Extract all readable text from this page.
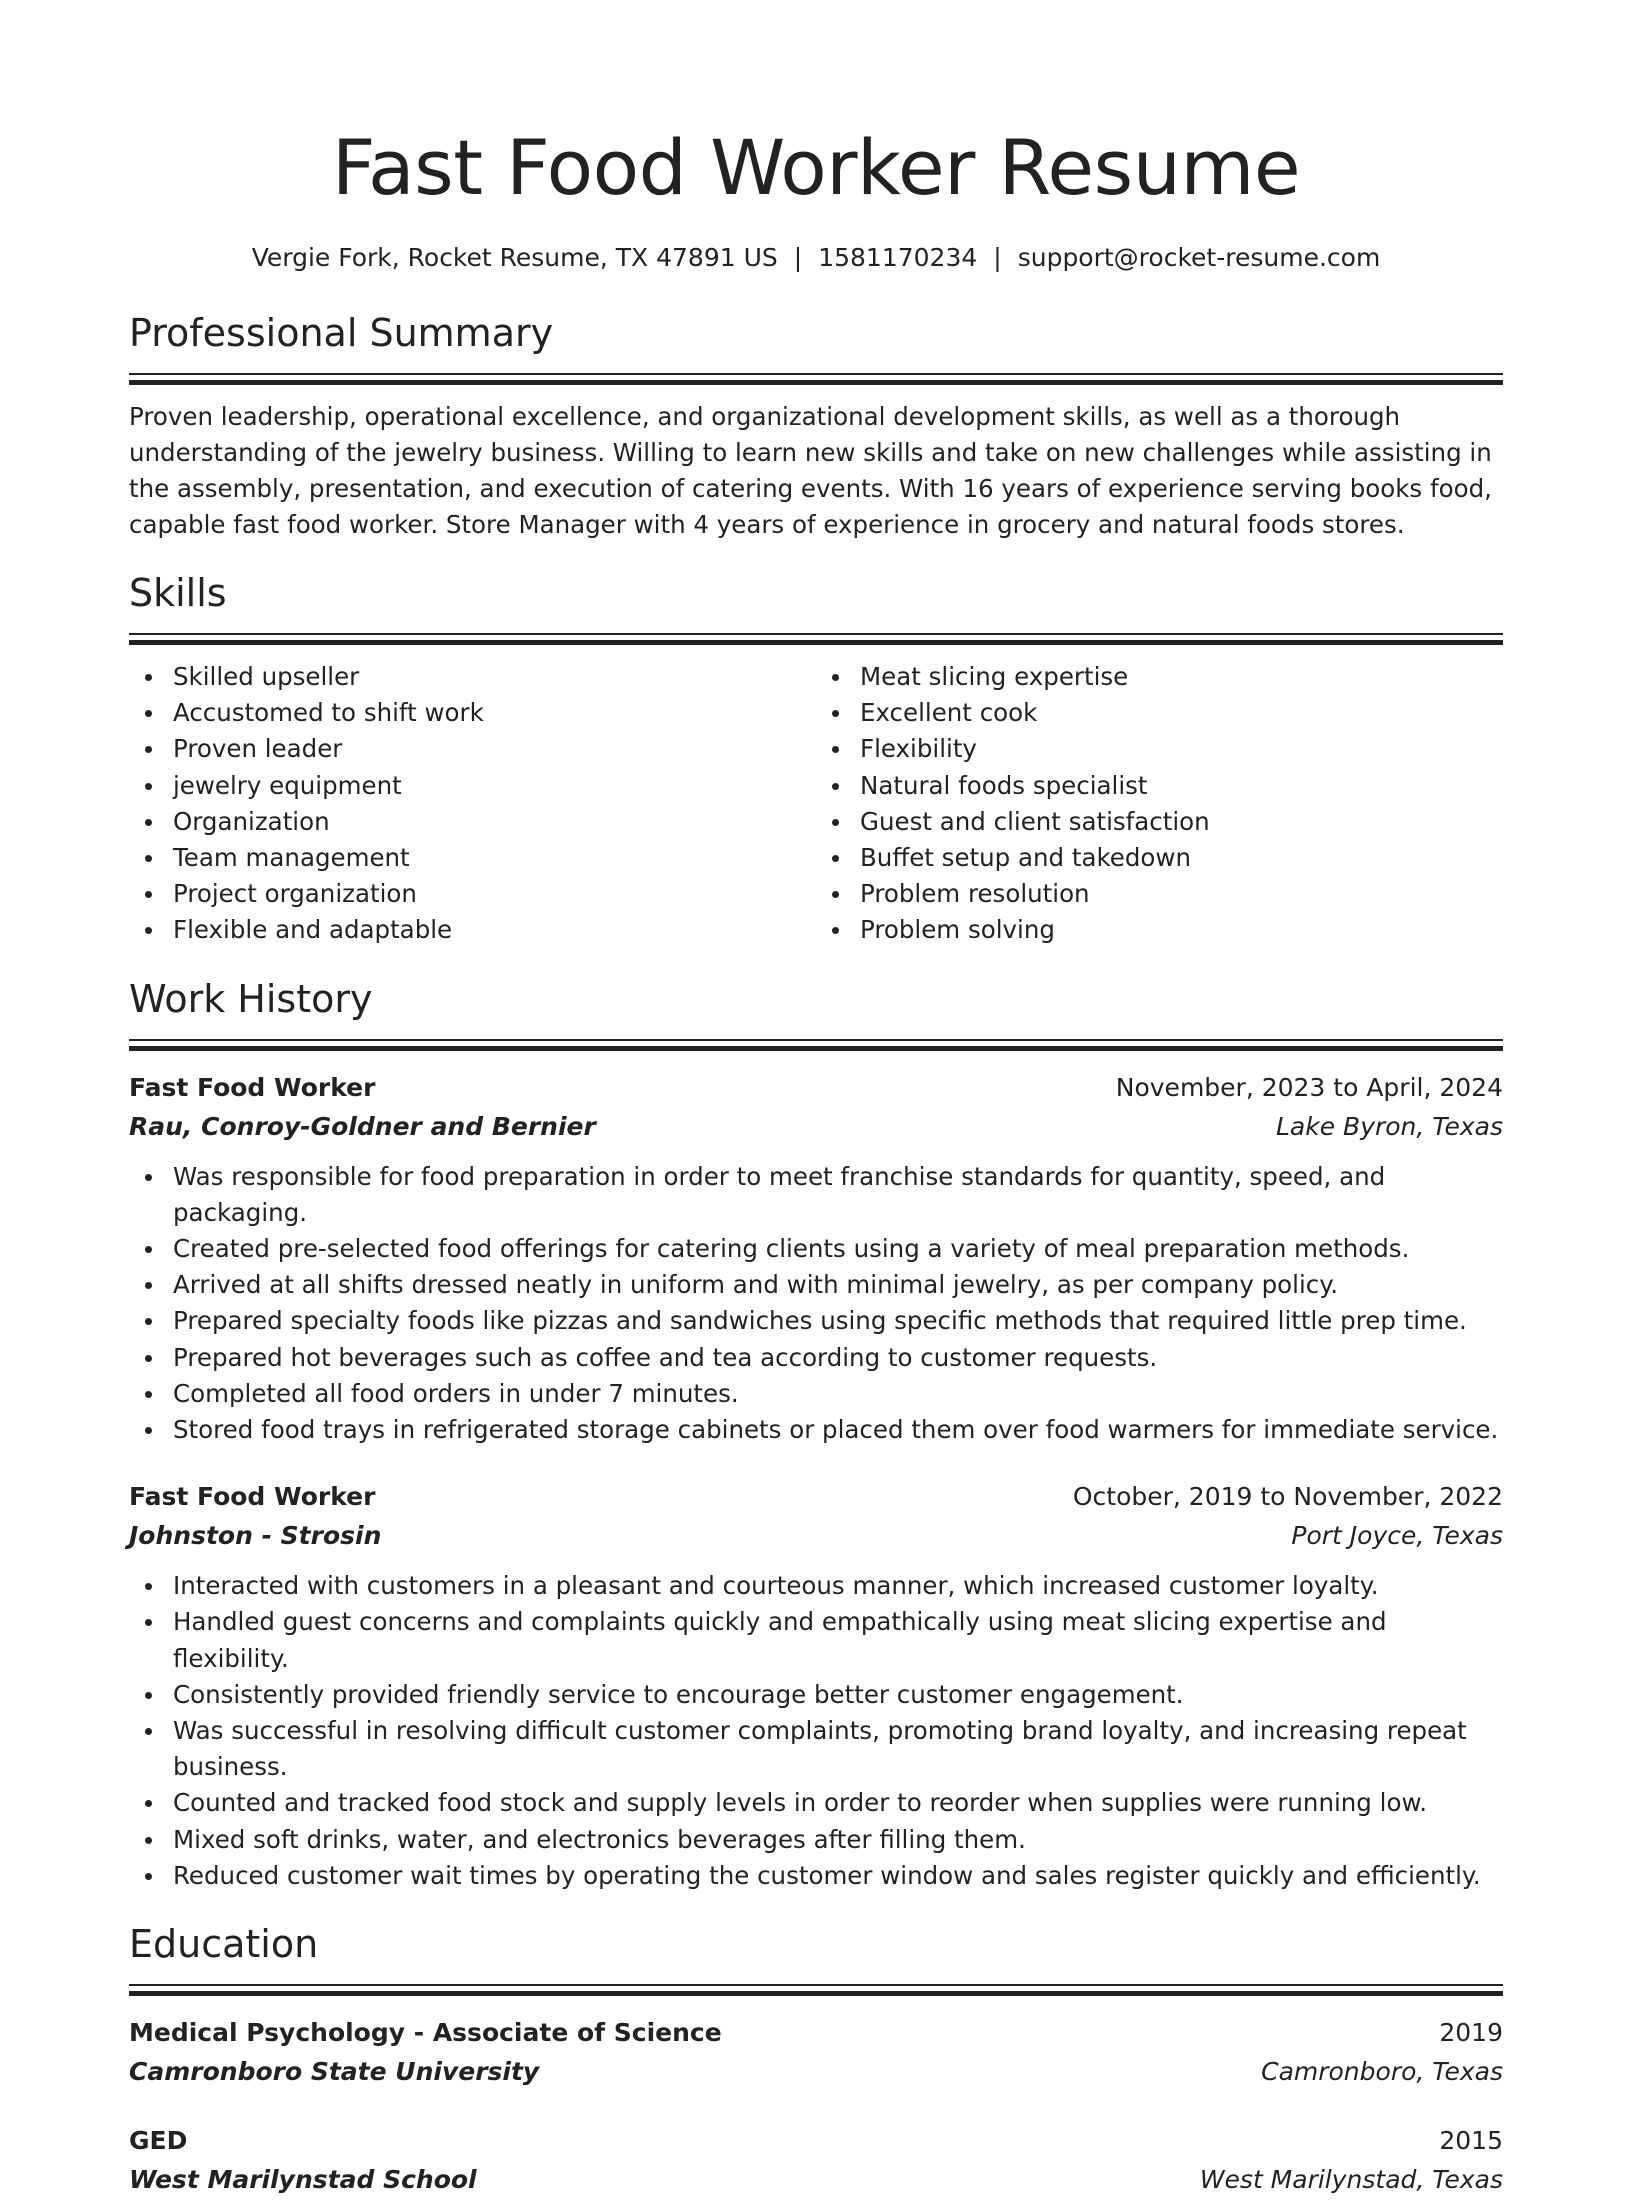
Fast Food Worker Resume
Vergie Fork, Rocket Resume, TX 47891 US | 1581170234 | support@rocket-resume.com
Professional Summary

Proven leadership, operational excellence, and organizational development skills, as well as a thorough understanding of the jewelry business. Willing to learn new skills and take on new challenges while assisting in the assembly, presentation, and execution of catering events. With 16 years of experience serving books food, capable fast food worker. Store Manager with 4 years of experience in grocery and natural foods stores.

Skills
Skilled upseller
Accustomed to shift work
Proven leader
jewelry equipment
Organization
Team management
Project organization
Flexible and adaptable
Meat slicing expertise
Excellent cook
Flexibility
Natural foods specialist
Guest and client satisfaction
Buffet setup and takedown
Problem resolution
Problem solving
Work History
Fast Food Worker	November, 2023 to April, 2024
Rau, Conroy-Goldner and Bernier	Lake Byron, Texas
Was responsible for food preparation in order to meet franchise standards for quantity, speed, and packaging.
Created pre-selected food offerings for catering clients using a variety of meal preparation methods.
Arrived at all shifts dressed neatly in uniform and with minimal jewelry, as per company policy.
Prepared specialty foods like pizzas and sandwiches using specific methods that required little prep time.
Prepared hot beverages such as coffee and tea according to customer requests.
Completed all food orders in under 7 minutes.
Stored food trays in refrigerated storage cabinets or placed them over food warmers for immediate service.
Fast Food Worker	October, 2019 to November, 2022
Johnston - Strosin	Port Joyce, Texas
Interacted with customers in a pleasant and courteous manner, which increased customer loyalty.
Handled guest concerns and complaints quickly and empathically using meat slicing expertise and flexibility.
Consistently provided friendly service to encourage better customer engagement.
Was successful in resolving difficult customer complaints, promoting brand loyalty, and increasing repeat business.
Counted and tracked food stock and supply levels in order to reorder when supplies were running low.
Mixed soft drinks, water, and electronics beverages after filling them.
Reduced customer wait times by operating the customer window and sales register quickly and efficiently.
Education
Medical Psychology - Associate of Science	2019
Camronboro State University	Camronboro, Texas
GED	2015
West Marilynstad School	West Marilynstad, Texas
